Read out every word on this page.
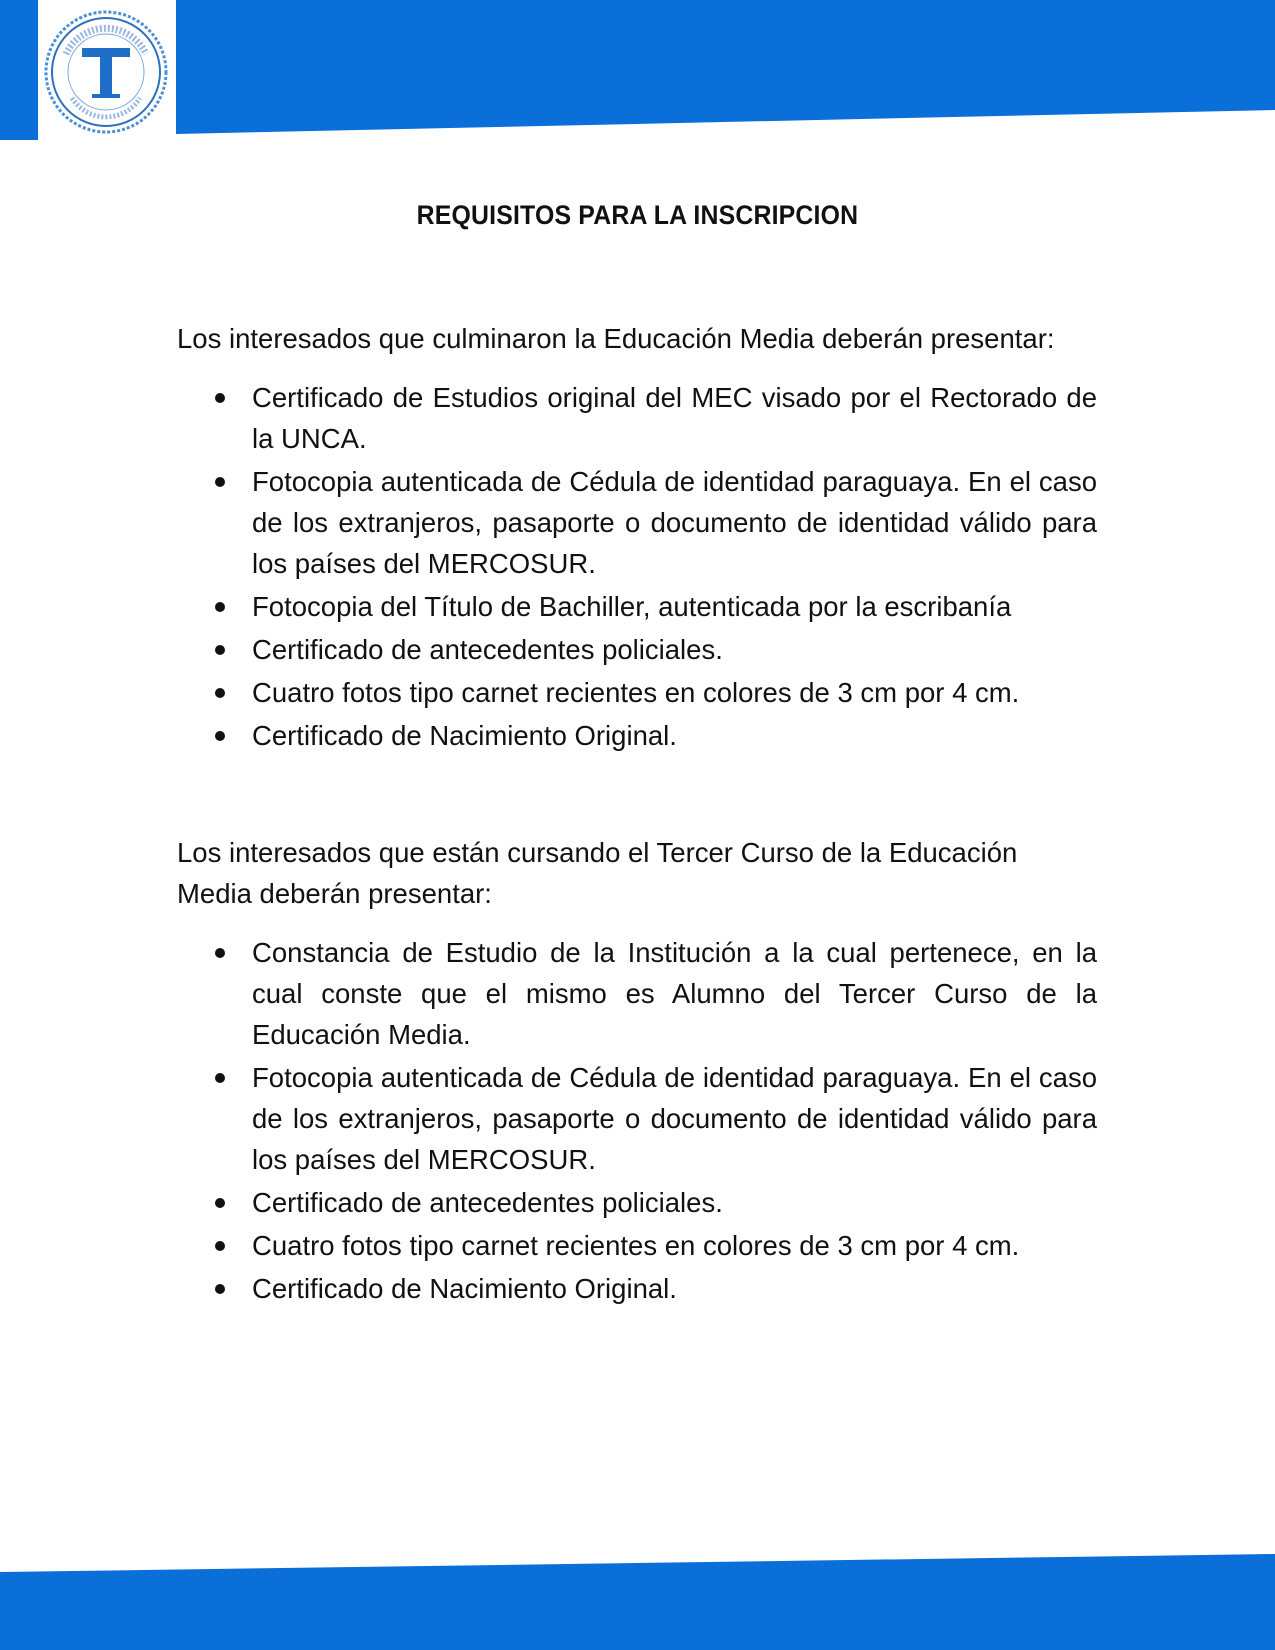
REQUISITOS PARA LA INSCRIPCION

Los interesados que culminaron la Educación Media deberán presentar:

Certificado de Estudios original del MEC visado por el Rectorado de la UNCA.
Fotocopia autenticada de Cédula de identidad paraguaya. En el caso de los extranjeros, pasaporte o documento de identidad válido para los países del MERCOSUR.
Fotocopia del Título de Bachiller, autenticada por la escribanía
Certificado de antecedentes policiales.
Cuatro fotos tipo carnet recientes en colores de 3 cm por 4 cm.
Certificado de Nacimiento Original.

Los interesados que están cursando el Tercer Curso de la Educación Media deberán presentar:

Constancia de Estudio de la Institución a la cual pertenece, en la cual conste que el mismo es Alumno del Tercer Curso de la Educación Media.
Fotocopia autenticada de Cédula de identidad paraguaya. En el caso de los extranjeros, pasaporte o documento de identidad válido para los países del MERCOSUR.
Certificado de antecedentes policiales.
Cuatro fotos tipo carnet recientes en colores de 3 cm por 4 cm.
Certificado de Nacimiento Original.
